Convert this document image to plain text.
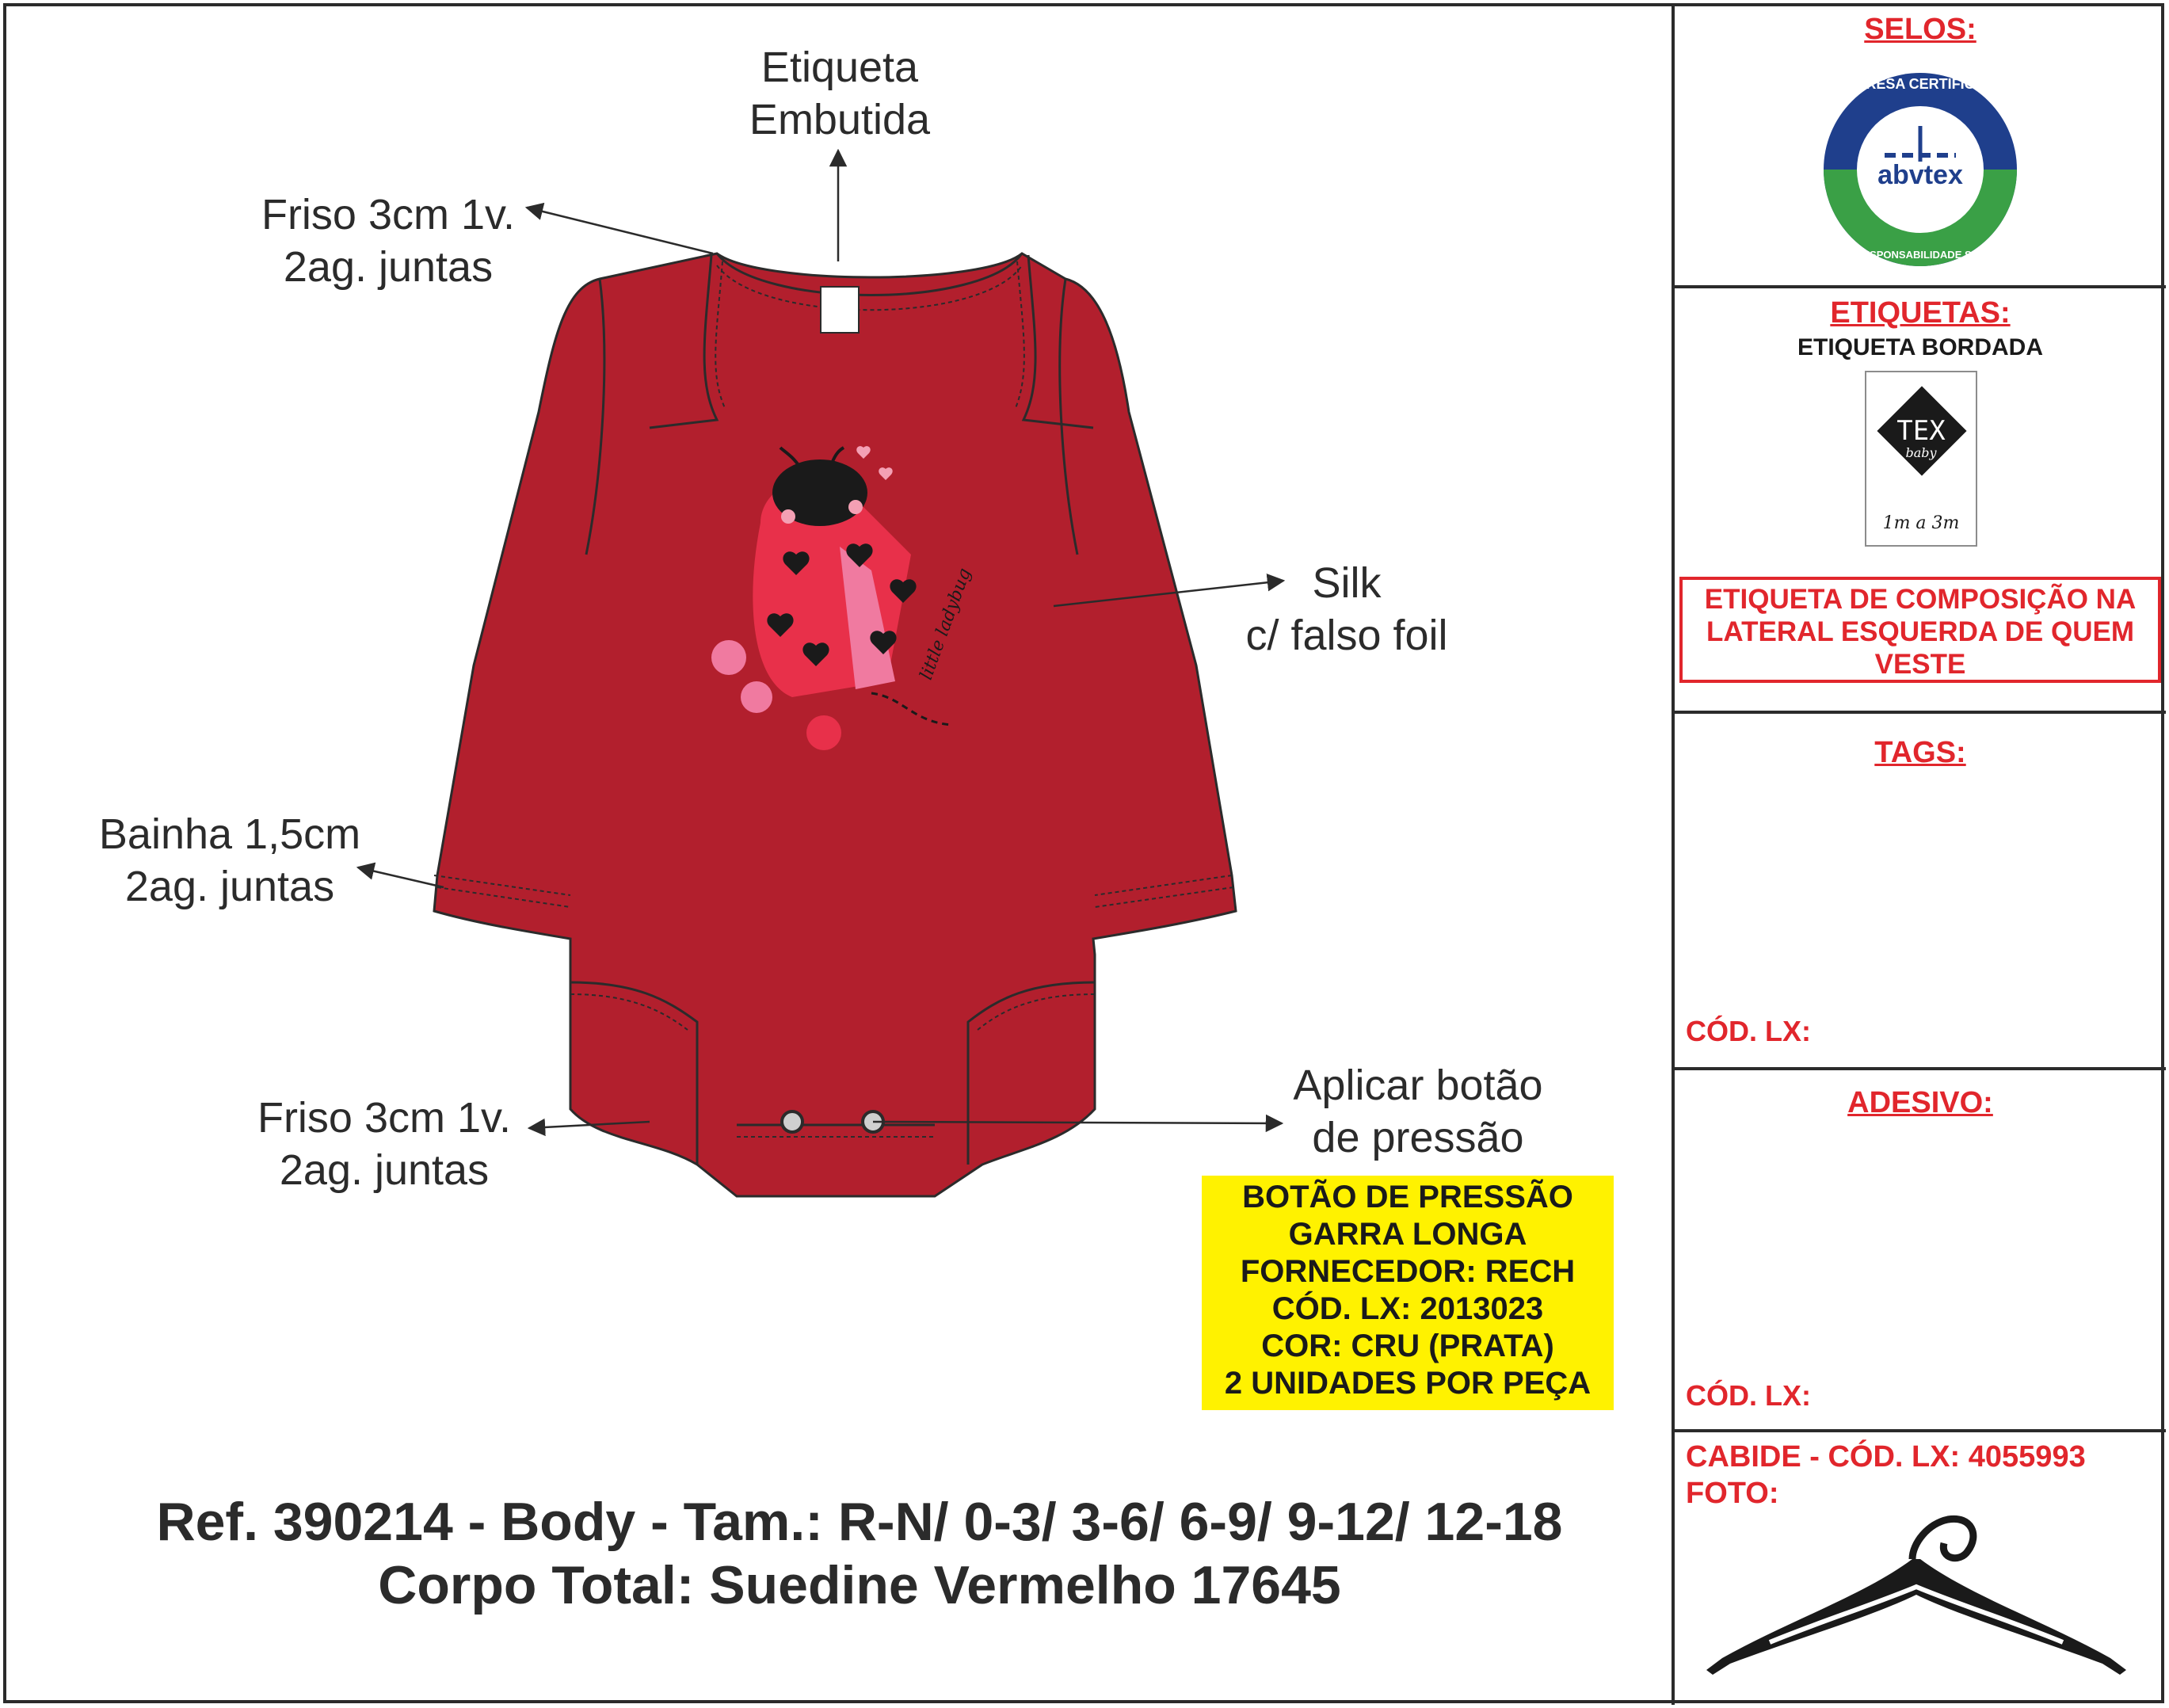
little ladybug
Etiqueta
Embutida
Friso 3cm 1v.
2ag. juntas
Silk
c/ falso foil
Bainha 1,5cm
2ag. juntas
Friso 3cm 1v.
2ag. juntas
Aplicar botão
de pressão
BOTÃO DE PRESSÃO
GARRA LONGA
FORNECEDOR: RECH
CÓD. LX: 2013023
COR: CRU (PRATA)
2 UNIDADES POR PEÇA
Ref. 390214 - Body - Tam.: R-N/ 0-3/ 3-6/ 6-9/ 9-12/ 12-18
Corpo Total: Suedine Vermelho 17645
SELOS:
abvtex
EMPRESA CERTIFICADA
EM RESPONSABILIDADE SOCIAL
ETIQUETAS:
ETIQUETA BORDADA
TEX
baby
1m a 3m
ETIQUETA DE COMPOSIÇÃO NA
LATERAL ESQUERDA DE QUEM
VESTE
TAGS:
CÓD. LX:
ADESIVO:
CÓD. LX:
CABIDE - CÓD. LX: 4055993
FOTO:
